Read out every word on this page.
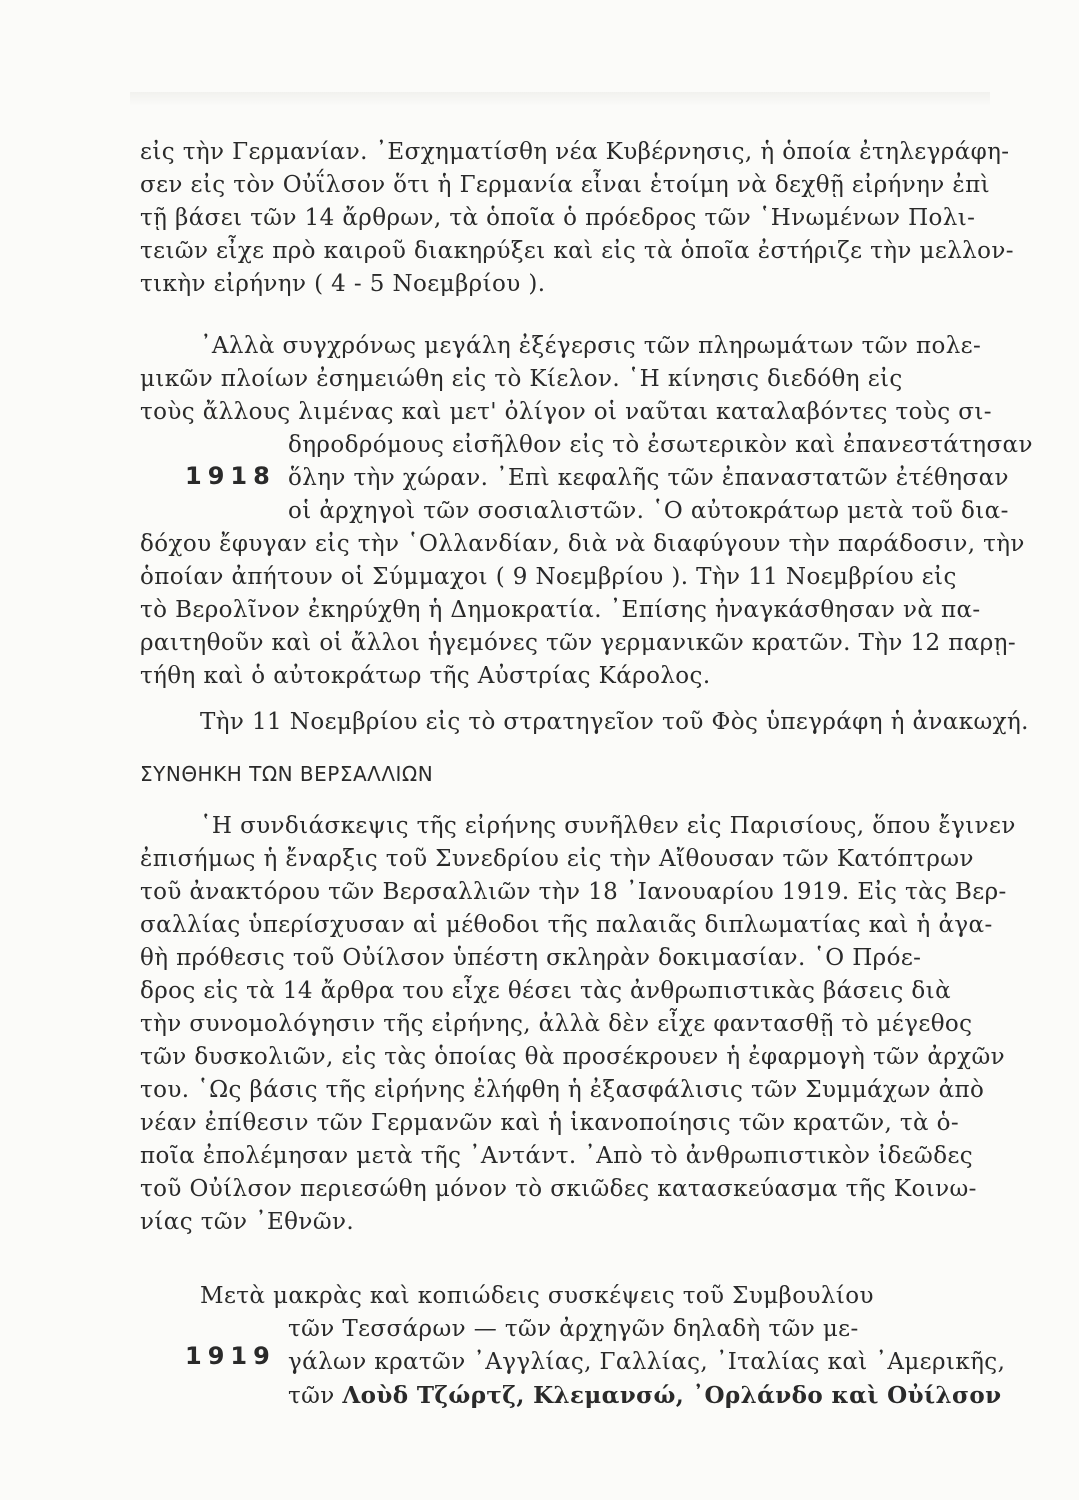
εἰς τὴν Γερμανίαν. ᾿Εσχηματίσθη νέα Κυβέρνησις, ἡ ὁποία ἐτηλεγράφη-
σεν εἰς τὸν Οὐΐλσον ὅτι ἡ Γερμανία εἶναι ἑτοίμη νὰ δεχθῇ εἰρήνην ἐπὶ
τῇ βάσει τῶν 14 ἄρθρων, τὰ ὁποῖα ὁ πρόεδρος τῶν ῾Ηνωμένων Πολι-
τειῶν εἶχε πρὸ καιροῦ διακηρύξει καὶ εἰς τὰ ὁποῖα ἐστήριζε τὴν μελλον-
τικὴν εἰρήνην ( 4 - 5 Νοεμβρίου ).
᾿Αλλὰ συγχρόνως μεγάλη ἐξέγερσις τῶν πληρωμάτων τῶν πολε-
μικῶν πλοίων ἐσημειώθη εἰς τὸ Κίελον. ῾Η κίνησις διεδόθη εἰς
τοὺς ἄλλους λιμένας καὶ μετ' ὀλίγον οἱ ναῦται καταλαβόντες τοὺς σι-
δηροδρόμους εἰσῆλθον εἰς τὸ ἐσωτερικὸν καὶ ἐπανεστάτησαν
ὅλην τὴν χώραν. ᾿Επὶ κεφαλῆς τῶν ἐπαναστατῶν ἐτέθησαν
οἱ ἀρχηγοὶ τῶν σοσιαλιστῶν. ῾Ο αὐτοκράτωρ μετὰ τοῦ δια-
δόχου ἔφυγαν εἰς τὴν ῾Ολλανδίαν, διὰ νὰ διαφύγουν τὴν παράδοσιν, τὴν
ὁποίαν ἀπήτουν οἱ Σύμμαχοι ( 9 Νοεμβρίου ). Τὴν 11 Νοεμβρίου εἰς
τὸ Βερολῖνον ἐκηρύχθη ἡ Δημοκρατία. ᾿Επίσης ἠναγκάσθησαν νὰ πα-
ραιτηθοῦν καὶ οἱ ἄλλοι ἡγεμόνες τῶν γερμανικῶν κρατῶν. Τὴν 12 παρῃ-
τήθη καὶ ὁ αὐτοκράτωρ τῆς Αὐστρίας Κάρολος.
1918
Τὴν 11 Νοεμβρίου εἰς τὸ στρατηγεῖον τοῦ Φὸς ὑπεγράφη ἡ ἀνακωχή.
ΣΥΝΘΗΚΗ ΤΩΝ ΒΕΡΣΑΛΛΙΩΝ
῾Η συνδιάσκεψις τῆς εἰρήνης συνῆλθεν εἰς Παρισίους, ὅπου ἔγινεν
ἐπισήμως ἡ ἔναρξις τοῦ Συνεδρίου εἰς τὴν Αἴθουσαν τῶν Κατόπτρων
τοῦ ἀνακτόρου τῶν Βερσαλλιῶν τὴν 18 ᾿Ιανουαρίου 1919. Εἰς τὰς Βερ-
σαλλίας ὑπερίσχυσαν αἱ μέθοδοι τῆς παλαιᾶς διπλωματίας καὶ ἡ ἀγα-
θὴ πρόθεσις τοῦ Οὐίλσον ὑπέστη σκληρὰν δοκιμασίαν. ῾Ο Πρόε-
δρος εἰς τὰ 14 ἄρθρα του εἶχε θέσει τὰς ἀνθρωπιστικὰς βάσεις διὰ
τὴν συνομολόγησιν τῆς εἰρήνης, ἀλλὰ δὲν εἶχε φαντασθῇ τὸ μέγεθος
τῶν δυσκολιῶν, εἰς τὰς ὁποίας θὰ προσέκρουεν ἡ ἐφαρμογὴ τῶν ἀρχῶν
του. ῾Ως βάσις τῆς εἰρήνης ἐλήφθη ἡ ἐξασφάλισις τῶν Συμμάχων ἀπὸ
νέαν ἐπίθεσιν τῶν Γερμανῶν καὶ ἡ ἱκανοποίησις τῶν κρατῶν, τὰ ὁ-
ποῖα ἐπολέμησαν μετὰ τῆς ᾿Αντάντ. ᾿Απὸ τὸ ἀνθρωπιστικὸν ἰδεῶδες
τοῦ Οὐίλσον περιεσώθη μόνον τὸ σκιῶδες κατασκεύασμα τῆς Κοινω-
νίας τῶν ᾿Εθνῶν.
Μετὰ μακρὰς καὶ κοπιώδεις συσκέψεις τοῦ Συμβουλίου
τῶν Τεσσάρων — τῶν ἀρχηγῶν δηλαδὴ τῶν με-
γάλων κρατῶν ᾿Αγγλίας, Γαλλίας, ᾿Ιταλίας καὶ ᾿Αμερικῆς,
τῶν Λοὺδ Τζώρτζ, Κλεμανσώ, ᾿Ορλάνδο καὶ Οὐίλσον
1919
